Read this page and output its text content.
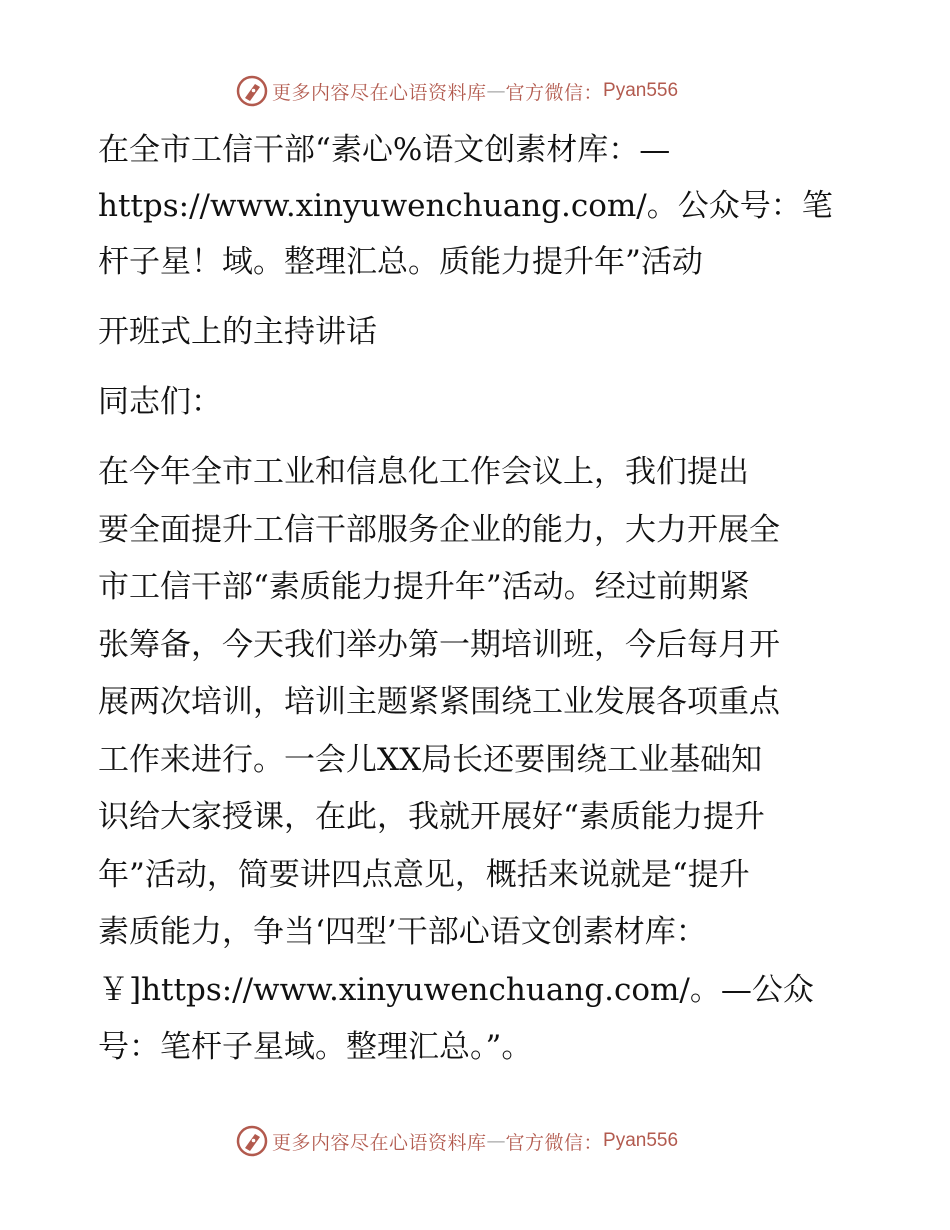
更多内容尽在心语资料库 — 官方微信： Pyan556

在全市工信干部“素心%语文创素材库：—

https://www.xinyuwenchuang.com/。公众号：笔

杆子星！域。整理汇总。质能力提升年”活动

开班式上的主持讲话

同志们：

在今年全市工业和信息化工作会议上，我们提出

要全面提升工信干部服务企业的能力，大力开展全

市工信干部“素质能力提升年”活动。经过前期紧

张筹备，今天我们举办第一期培训班，今后每月开

展两次培训，培训主题紧紧围绕工业发展各项重点

工作来进行。一会儿XX局长还要围绕工业基础知

识给大家授课，在此，我就开展好“素质能力提升

年”活动，简要讲四点意见，概括来说就是“提升

素质能力，争当‘四型’干部心语文创素材库：

￥]https://www.xinyuwenchuang.com/。—公众

号：笔杆子星域。整理汇总。”。

更多内容尽在心语资料库 — 官方微信： Pyan556
